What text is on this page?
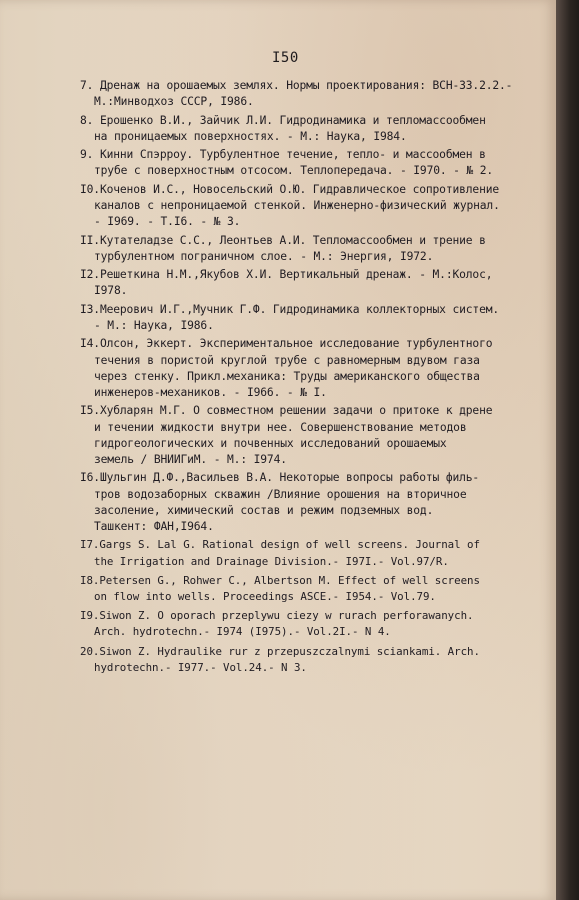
I50
7. Дренаж на орошаемых землях. Нормы проектирования: ВСН-33.2.2.-
М.:Минводхоз СССР, I986.
8. Ерошенко В.И., Зайчик Л.И. Гидродинамика и тепломассообмен
на проницаемых поверхностях. - М.: Наука, I984.
9. Кинни Спэрроу. Турбулентное течение, тепло- и массообмен в
трубе с поверхностным отсосом. Теплопередача. - I970. - № 2.
I0.Коченов И.С., Новосельский О.Ю. Гидравлическое сопротивление
каналов с непроницаемой стенкой. Инженерно-физический журнал.
- I969. - Т.I6. - № 3.
II.Кутателадзе С.С., Леонтьев А.И. Тепломассообмен и трение в
турбулентном пограничном слое. - М.: Энергия, I972.
I2.Решеткина Н.М.,Якубов Х.И. Вертикальный дренаж. - М.:Колос,
I978.
I3.Меерович И.Г.,Мучник Г.Ф. Гидродинамика коллекторных систем.
- М.: Наука, I986.
I4.Олсон, Эккерт. Экспериментальное исследование турбулентного
течения в пористой круглой трубе с равномерным вдувом газа
через стенку. Прикл.механика: Труды американского общества
инженеров-механиков. - I966. - № I.
I5.Хубларян М.Г. О совместном решении задачи о притоке к дрене
и течении жидкости внутри нее. Совершенствование методов
гидрогеологических и почвенных исследований орошаемых
земель / ВНИИГиМ. - М.: I974.
I6.Шульгин Д.Ф.,Васильев В.А. Некоторые вопросы работы филь-
тров водозаборных скважин /Влияние орошения на вторичное
засоление, химический состав и режим подземных вод.
Ташкент: ФАН,I964.
I7.Gargs S. Lal G. Rational design of well screens. Journal of
the Irrigation and Drainage Division.- I97I.- Vol.97/R.
I8.Petersen G., Rohwer C., Albertson M. Effect of well screens
on flow into wells. Proceedings ASCE.- I954.- Vol.79.
I9.Siwon Z. O oporach przeplywu ciezy w rurach perforawanych.
Arch. hydrotechn.- I974 (I975).- Vol.2I.- N 4.
20.Siwon Z. Hydraulike rur z przepuszczalnymi sciankami. Arch.
hydrotechn.- I977.- Vol.24.- N 3.
